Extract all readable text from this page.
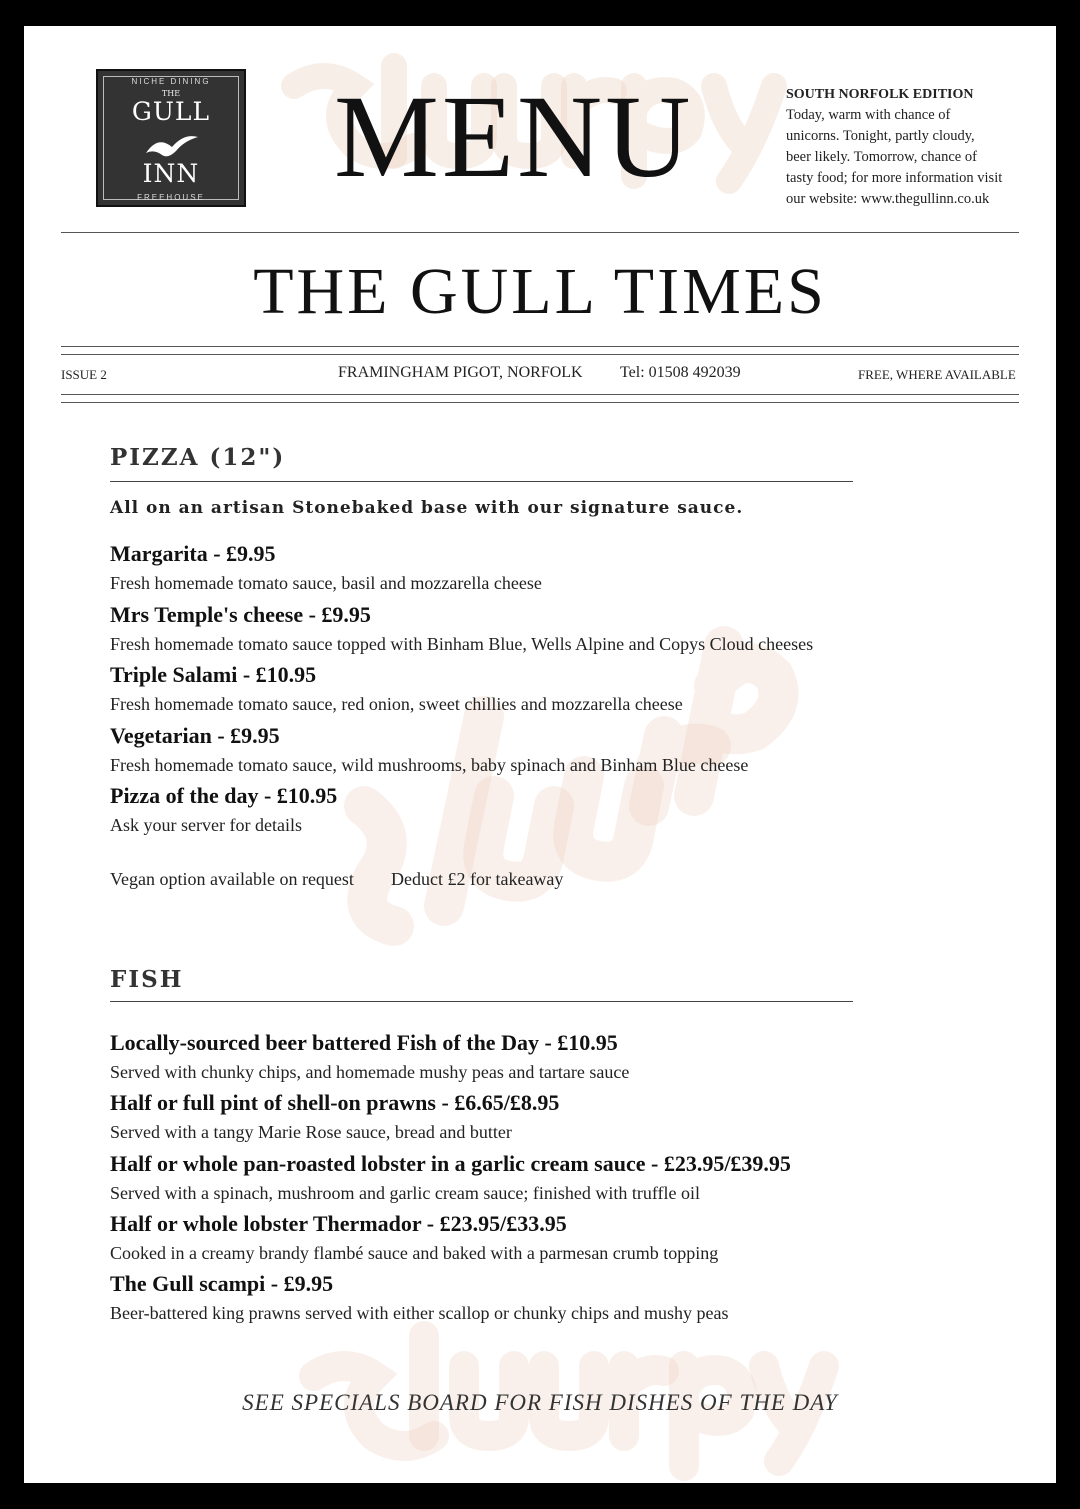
NICHE DINING
THE
GULL
INN
FREEHOUSE	MENU	SOUTH NORFOLK EDITION
Today, warm with chance of
unicorns. Tonight, partly cloudy,
beer likely. Tomorrow, chance of
tasty food; for more information visit
our website: www.thegullinn.co.uk
THE GULL TIMES
ISSUE 2	FRAMINGHAM PIGOT, NORFOLK Tel: 01508 492039	FREE, WHERE AVAILABLE
PIZZA (12")
All on an artisan Stonebaked base with our signature sauce.
Margarita - £9.95
Fresh homemade tomato sauce, basil and mozzarella cheese
Mrs Temple's cheese - £9.95
Fresh homemade tomato sauce topped with Binham Blue, Wells Alpine and Copys Cloud cheeses
Triple Salami - £10.95
Fresh homemade tomato sauce, red onion, sweet chillies and mozzarella cheese
Vegetarian - £9.95
Fresh homemade tomato sauce, wild mushrooms, baby spinach and Binham Blue cheese
Pizza of the day - £10.95
Ask your server for details
Vegan option available on request Deduct £2 for takeaway
FISH
Locally-sourced beer battered Fish of the Day - £10.95
Served with chunky chips, and homemade mushy peas and tartare sauce
Half or full pint of shell-on prawns - £6.65/£8.95
Served with a tangy Marie Rose sauce, bread and butter
Half or whole pan-roasted lobster in a garlic cream sauce - £23.95/£39.95
Served with a spinach, mushroom and garlic cream sauce; finished with truffle oil
Half or whole lobster Thermador - £23.95/£33.95
Cooked in a creamy brandy flambé sauce and baked with a parmesan crumb topping
The Gull scampi - £9.95
Beer-battered king prawns served with either scallop or chunky chips and mushy peas
SEE SPECIALS BOARD FOR FISH DISHES OF THE DAY
